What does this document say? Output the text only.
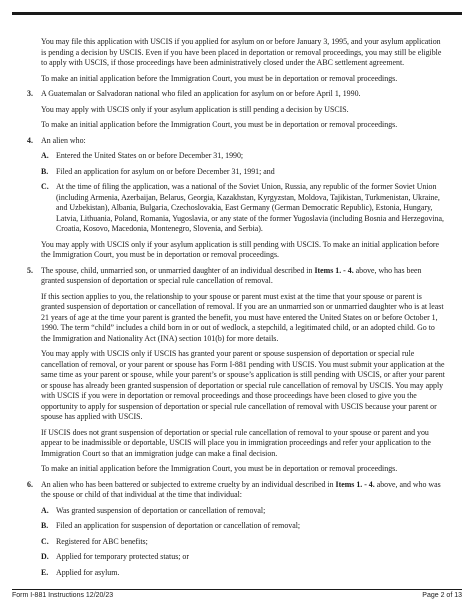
You may file this application with USCIS if you applied for asylum on or before January 3, 1995, and your asylum application is pending a decision by USCIS. Even if you have been placed in deportation or removal proceedings, you may still be eligible to apply with USCIS, if those proceedings have been administratively closed under the ABC settlement agreement.

To make an initial application before the Immigration Court, you must be in deportation or removal proceedings.

3. A Guatemalan or Salvadoran national who filed an application for asylum on or before April 1, 1990.

You may apply with USCIS only if your asylum application is still pending a decision by USCIS.

To make an initial application before the Immigration Court, you must be in deportation or removal proceedings.

4. An alien who:
A. Entered the United States on or before December 31, 1990;
B. Filed an application for asylum on or before December 31, 1991; and
C. At the time of filing the application, was a national of the Soviet Union, Russia, any republic of the former Soviet Union (including Armenia, Azerbaijan, Belarus, Georgia, Kazakhstan, Kyrgyzstan, Moldova, Tajikistan, Turkmenistan, Ukraine, and Uzbekistan), Albania, Bulgaria, Czechoslovakia, East Germany (German Democratic Republic), Estonia, Hungary, Latvia, Lithuania, Poland, Romania, Yugoslavia, or any state of the former Yugoslavia (including Bosnia and Herzegovina, Croatia, Kosovo, Macedonia, Montenegro, Slovenia, and Serbia).

You may apply with USCIS only if your asylum application is still pending with USCIS. To make an initial application before the Immigration Court, you must be in deportation or removal proceedings.

5. The spouse, child, unmarried son, or unmarried daughter of an individual described in Items 1. - 4. above, who has been granted suspension of deportation or special rule cancellation of removal.

If this section applies to you, the relationship to your spouse or parent must exist at the time that your spouse or parent is granted suspension of deportation or cancellation of removal. If you are an unmarried son or unmarried daughter who is at least 21 years of age at the time your parent is granted the benefit, you must have entered the United States on or before October 1, 1990. The term “child” includes a child born in or out of wedlock, a stepchild, a legitimated child, or an adopted child. Go to the Immigration and Nationality Act (INA) section 101(b) for more details.

You may apply with USCIS only if USCIS has granted your parent or spouse suspension of deportation or special rule cancellation of removal, or your parent or spouse has Form I-881 pending with USCIS. You must submit your application at the same time as your parent or spouse, while your parent’s or spouse’s application is still pending with USCIS, or after your parent or spouse has already been granted suspension of deportation or special rule cancellation of removal by USCIS. You may apply with USCIS if you were in deportation or removal proceedings and those proceedings have been closed to give you the opportunity to apply for suspension of deportation or special rule cancellation of removal with USCIS because your parent or spouse has applied with USCIS.

If USCIS does not grant suspension of deportation or special rule cancellation of removal to your spouse or parent and you appear to be inadmissible or deportable, USCIS will place you in immigration proceedings and refer your application to the Immigration Court so that an immigration judge can make a final decision.

To make an initial application before the Immigration Court, you must be in deportation or removal proceedings.

6. An alien who has been battered or subjected to extreme cruelty by an individual described in Items 1. - 4. above, and who was the spouse or child of that individual at the time that individual:
A. Was granted suspension of deportation or cancellation of removal;
B. Filed an application for suspension of deportation or cancellation of removal;
C. Registered for ABC benefits;
D. Applied for temporary protected status; or
E. Applied for asylum.
Form I-881 Instructions 12/20/23	Page 2 of 13
